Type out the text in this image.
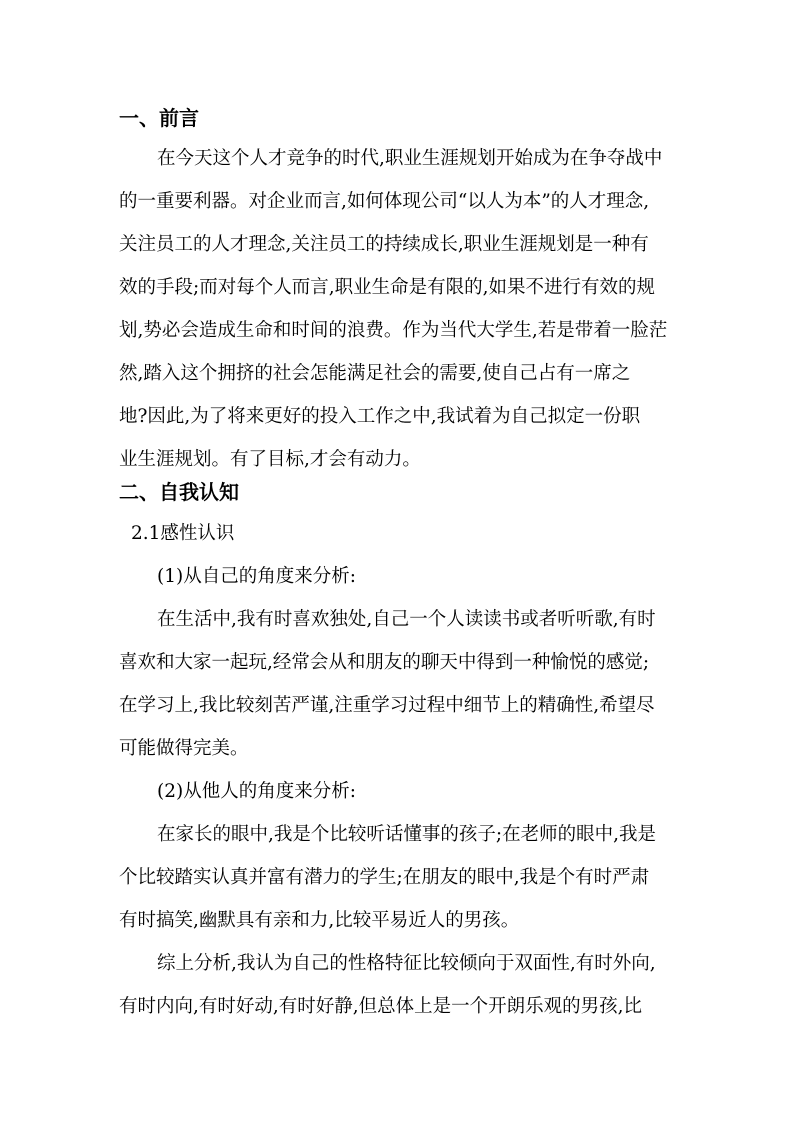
一、前言
在今天这个人才竞争的时代,职业生涯规划开始成为在争夺战中
的一重要利器。对企业而言,如何体现公司“以人为本”的人才理念,
关注员工的人才理念,关注员工的持续成长,职业生涯规划是一种有
效的手段;而对每个人而言,职业生命是有限的,如果不进行有效的规
划,势必会造成生命和时间的浪费。作为当代大学生,若是带着一脸茫
然,踏入这个拥挤的社会怎能满足社会的需要,使自己占有一席之
地?因此,为了将来更好的投入工作之中,我试着为自己拟定一份职
业生涯规划。有了目标,才会有动力。
二、自我认知
2.1感性认识
(1)从自己的角度来分析:
在生活中,我有时喜欢独处,自己一个人读读书或者听听歌,有时
喜欢和大家一起玩,经常会从和朋友的聊天中得到一种愉悦的感觉;
在学习上,我比较刻苦严谨,注重学习过程中细节上的精确性,希望尽
可能做得完美。
(2)从他人的角度来分析:
在家长的眼中,我是个比较听话懂事的孩子;在老师的眼中,我是
个比较踏实认真并富有潜力的学生;在朋友的眼中,我是个有时严肃
有时搞笑,幽默具有亲和力,比较平易近人的男孩。
综上分析,我认为自己的性格特征比较倾向于双面性,有时外向,
有时内向,有时好动,有时好静,但总体上是一个开朗乐观的男孩,比
